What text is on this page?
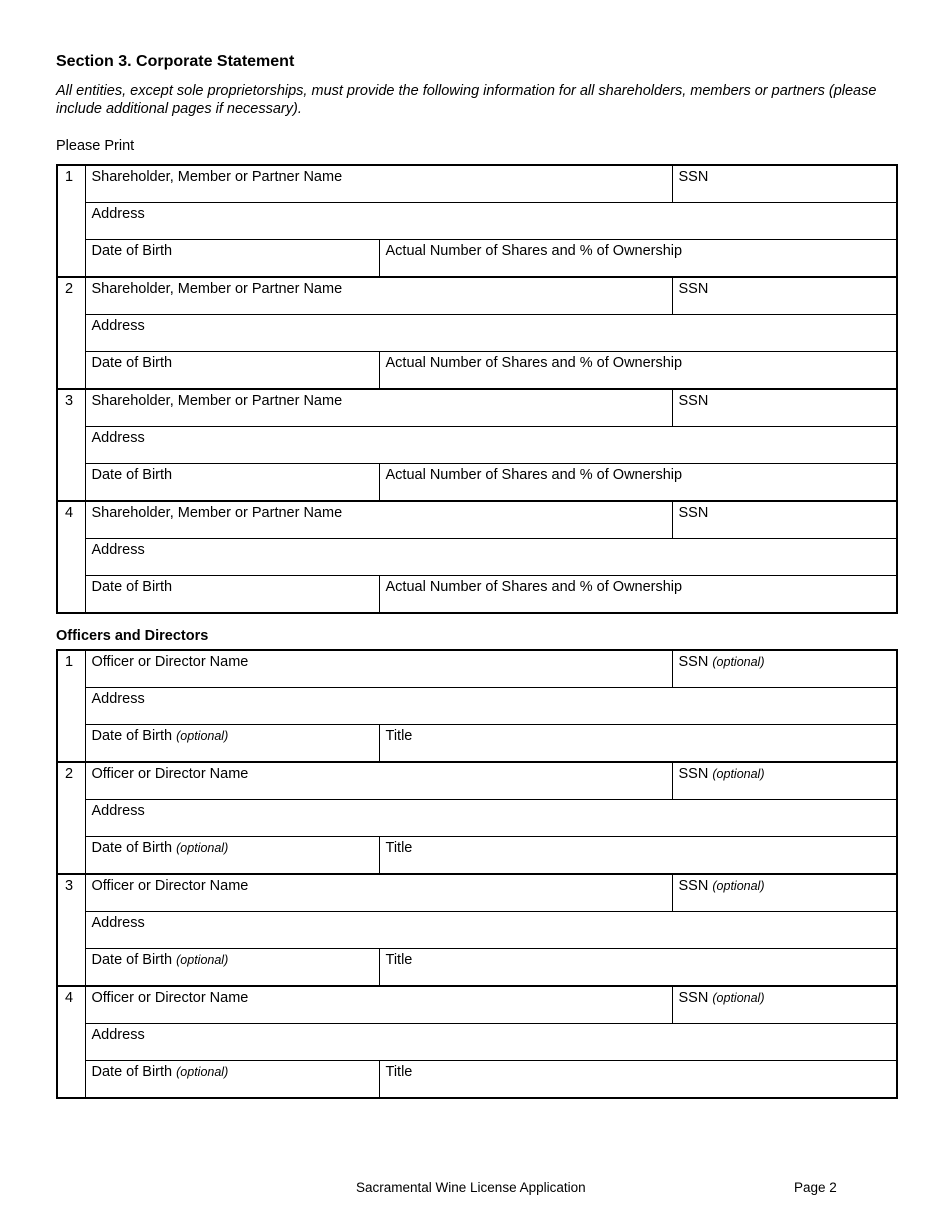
Section 3. Corporate Statement
All entities, except sole proprietorships, must provide the following information for all shareholders, members or partners (please include additional pages if necessary).
Please Print
1	Shareholder, Member or Partner Name		SSN

	Address		

	Date of Birth	Actual Number of Shares and % of Ownership	

2	Shareholder, Member or Partner Name		SSN

	Address		

	Date of Birth	Actual Number of Shares and % of Ownership	

3	Shareholder, Member or Partner Name		SSN

	Address		

	Date of Birth	Actual Number of Shares and % of Ownership	

4	Shareholder, Member or Partner Name		SSN

	Address		

	Date of Birth	Actual Number of Shares and % of Ownership	
Officers and Directors
1	Officer or Director Name		SSN (optional)

	Address		

	Date of Birth (optional)	Title	

2	Officer or Director Name		SSN (optional)

	Address		

	Date of Birth (optional)	Title	

3	Officer or Director Name		SSN (optional)

	Address		

	Date of Birth (optional)	Title	

4	Officer or Director Name		SSN (optional)

	Address		

	Date of Birth (optional)	Title	
Sacramental Wine License Application	Page 2
